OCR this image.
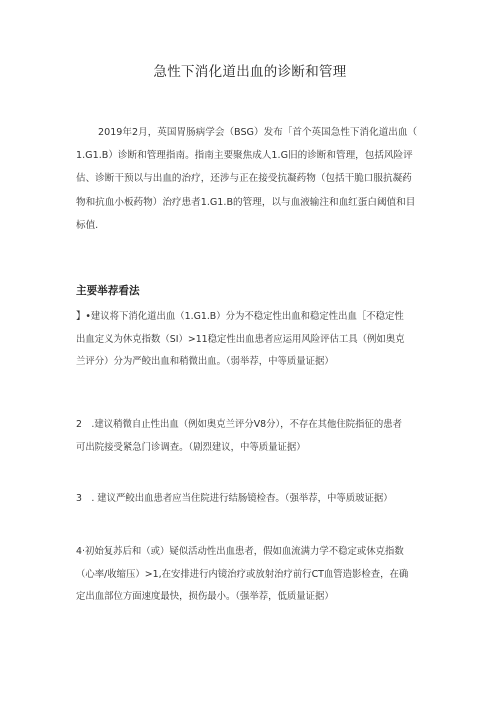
急性下消化道出血的诊断和管理
2019年2月，英国胃肠病学会（BSG）发布「首个英国急性下消化道出血（
1.G1.B）诊断和管理指南。指南主要聚焦成人1.G旧的诊断和管理，包括风险评
估、诊断干预以与出血的治疗，还涉与正在接受抗凝药物（包括干脆口服抗凝药
物和抗血小板药物）治疗患者1.G1.B的管理，以与血液输注和血红蛋白阈值和目
标值.
主要举荐看法
】•建议将下消化道出血（1.G1.B）分为不稳定性出血和稳定性出血［不稳定性
出血定义为休克指数（SI）>11稳定性出血患者应运用风险评估工具（例如奥克
兰评分）分为严鲛出血和稍微出血。（弱举荐，中等质量证据）
2 .建议稍微自止性出血（例如奥克兰评分V8分），不存在其他住院指征的患者
可出院接受紧急门诊调查。（剧烈建议，中等质量证据）
3 . 建议严鲛出血患者应当住院进行结肠镜检杳。（强举荐，中等质玻证据）
4·初始复苏后和（或）疑似活动性出血患者，假如血流满力学不稳定或休克指数
（心率/收缩压）>1,在安排进行内镜治疗或放射治疗前行CT血管造影检查，在确
定出血部位方面速度最快，损伤最小。（强举荐，低质量证据）
